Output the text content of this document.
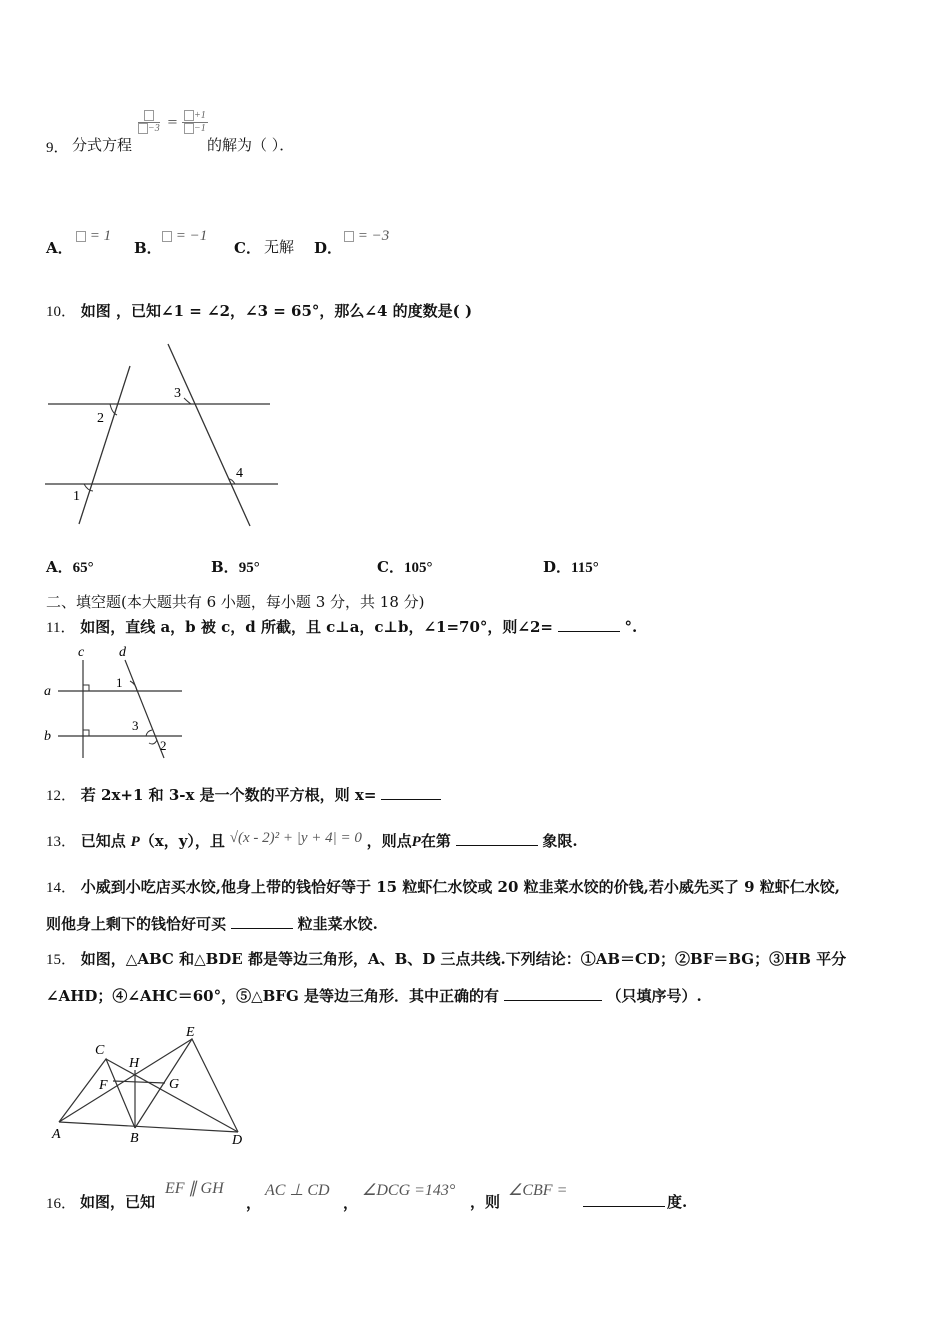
9． 分式方程
$-3 = \frac{+1}{-1}$
的解为（ ）．
A．
= 1
B．
= −1
C． 无解 D．
= −3
10． 如图 ，已知∠1 = ∠2，∠3 = 65°，那么∠4 的度数是( )
2
1
3
4
A．65°	B．95°	C．105°	D．115°
二、填空题(本大题共有 6 小题，每小题 3 分，共 18 分)
11． 如图，直线 a，b 被 c，d 所截，且 c⊥a，c⊥b，∠1=70°，则∠2=	°.
c d
a
b
1
3
2
12． 若 2x+1 和 3-x 是一个数的平方根，则 x=
13． 已知点 P（x，y），且 √(x - 2)² + |y + 4| = 0 ，则点P在第	象限.
14． 小威到小吃店买水饺,他身上带的钱恰好等于 15 粒虾仁水饺或 20 粒韭菜水饺的价钱,若小威先买了 9 粒虾仁水饺,
则他身上剩下的钱恰好可买	粒韭菜水饺.
15． 如图，△ABC 和△BDE 都是等边三角形，A、B、D 三点共线.下列结论：①AB＝CD；②BF＝BG；③HB 平分
∠AHD；④∠AHC＝60°，⑤△BFG 是等边三角形．其中正确的有	（只填序号）.
C
E
H
F	G
A	B	D
16． 如图，已知
EF ∥ GH
，
AC ⊥ CD
，
∠DCG =143°
，则
∠CBF =
度.
